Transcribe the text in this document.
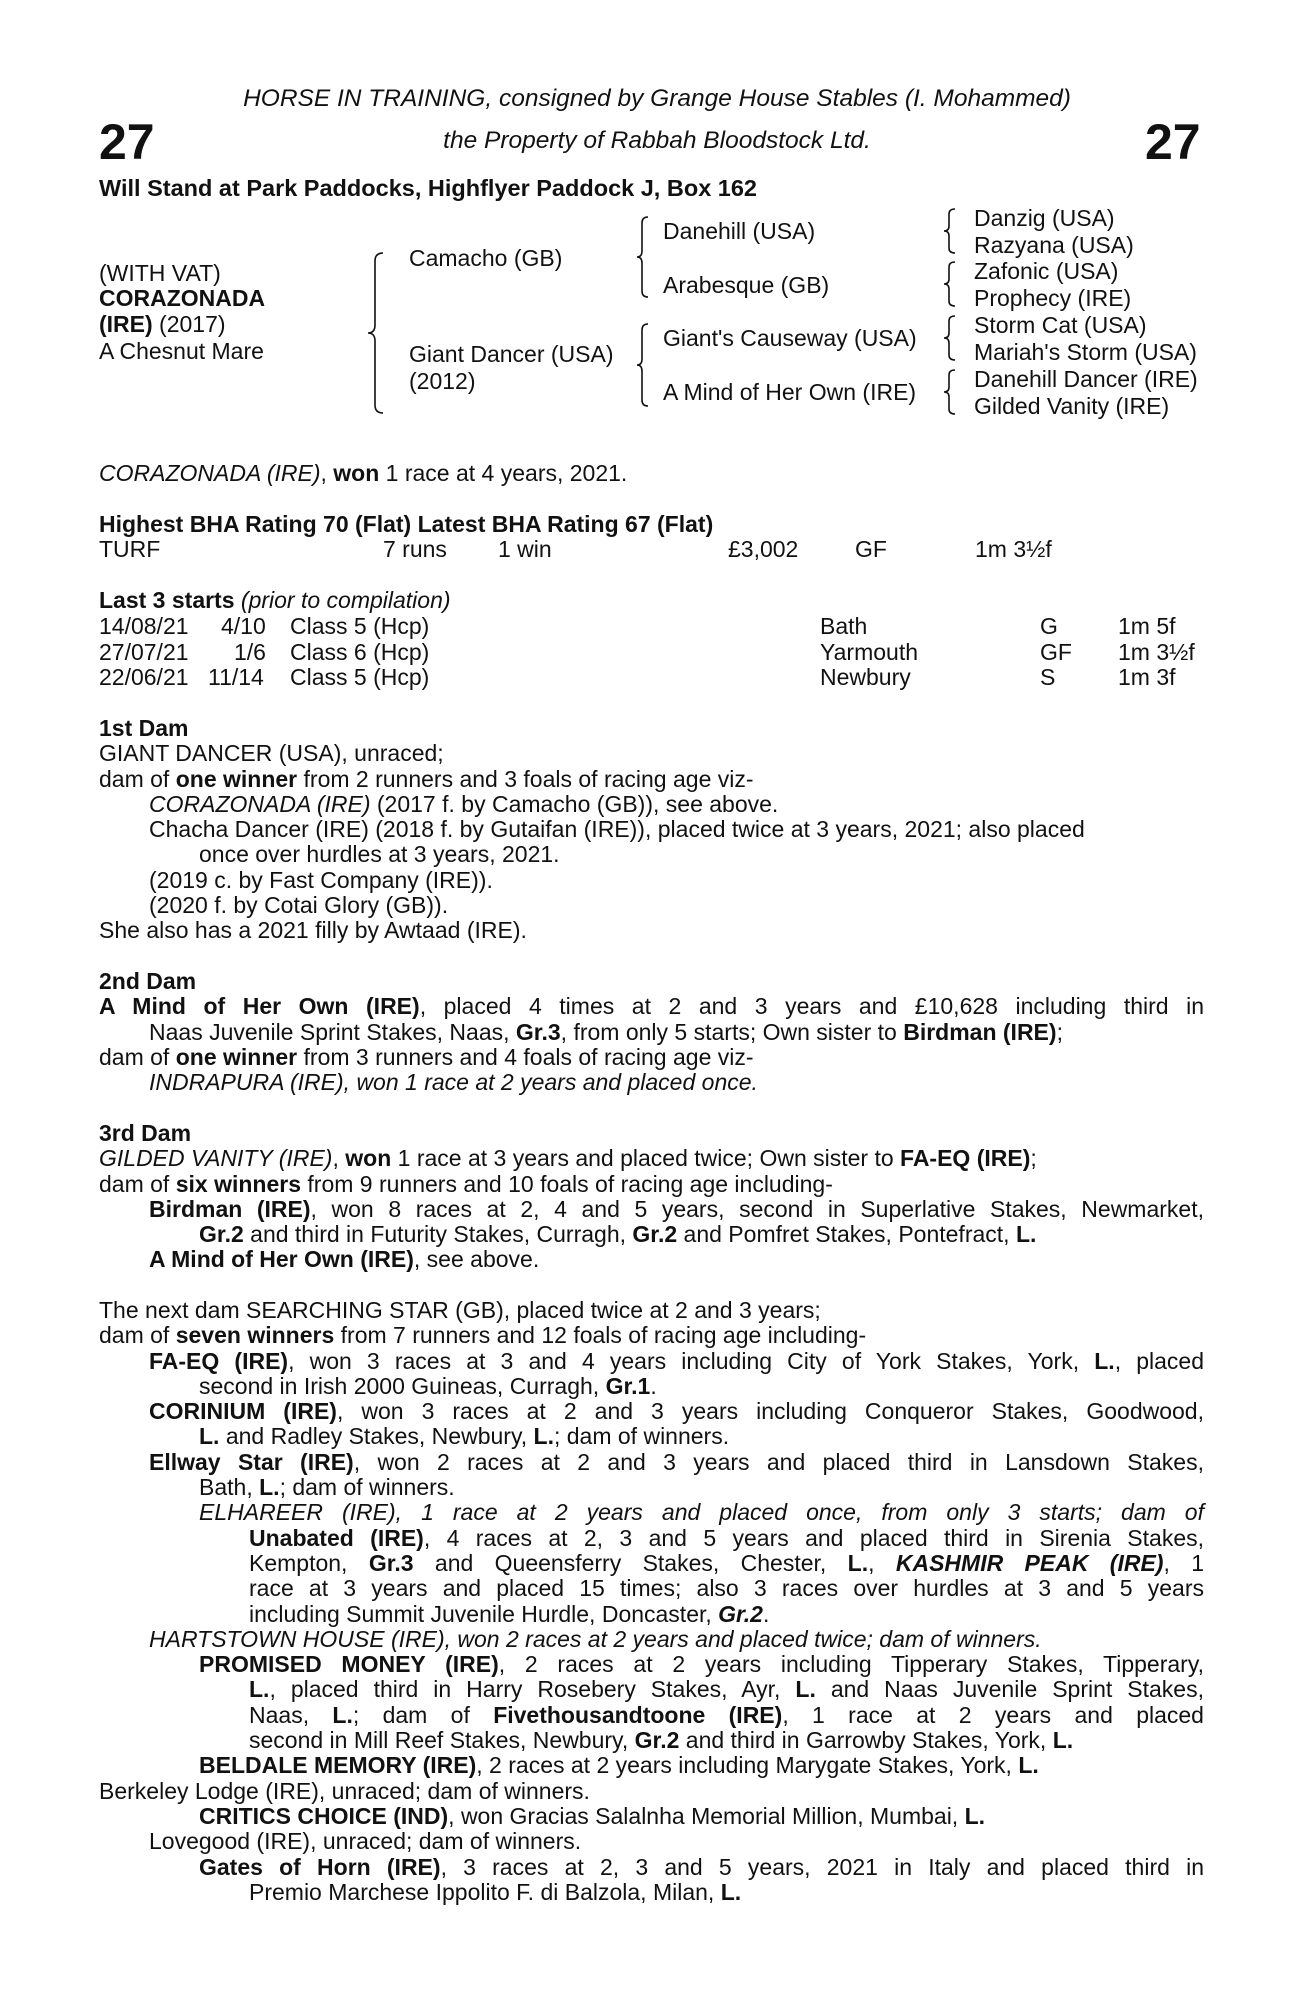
27	27
HORSE IN TRAINING, consigned by Grange House Stables (I. Mohammed)
the Property of Rabbah Bloodstock Ltd.
Will Stand at Park Paddocks, Highflyer Paddock J, Box 162
(WITH VAT)
CORAZONADA
(IRE) (2017)
A Chesnut Mare
Camacho (GB)
Giant Dancer (USA)
(2012)
Danehill (USA)
Arabesque (GB)
Giant's Causeway (USA)
A Mind of Her Own (IRE)
Danzig (USA)
Razyana (USA)
Zafonic (USA)
Prophecy (IRE)
Storm Cat (USA)
Mariah's Storm (USA)
Danehill Dancer (IRE)
Gilded Vanity (IRE)
CORAZONADA (IRE), won 1 race at 4 years, 2021.
Highest BHA Rating 70 (Flat) Latest BHA Rating 67 (Flat)
TURF	7 runs 1 win	£3,002 GF	1m 3½f
Last 3 starts (prior to compilation)
14/08/21 4/10 Class 5 (Hcp)	Bath	G	1m 5f
27/07/21 1/6 Class 6 (Hcp)	Yarmouth	GF 1m 3½f
22/06/21 11/14 Class 5 (Hcp)	Newbury	S	1m 3f
1st Dam
GIANT DANCER (USA), unraced;
dam of one winner from 2 runners and 3 foals of racing age viz-
CORAZONADA (IRE) (2017 f. by Camacho (GB)), see above.
Chacha Dancer (IRE) (2018 f. by Gutaifan (IRE)), placed twice at 3 years, 2021; also placed
once over hurdles at 3 years, 2021.
(2019 c. by Fast Company (IRE)).
(2020 f. by Cotai Glory (GB)).
She also has a 2021 filly by Awtaad (IRE).
2nd Dam
A Mind of Her Own (IRE), placed 4 times at 2 and 3 years and £10,628 including third in
Naas Juvenile Sprint Stakes, Naas, Gr.3, from only 5 starts; Own sister to Birdman (IRE);
dam of one winner from 3 runners and 4 foals of racing age viz-
INDRAPURA (IRE), won 1 race at 2 years and placed once.
3rd Dam
GILDED VANITY (IRE), won 1 race at 3 years and placed twice; Own sister to FA-EQ (IRE);
dam of six winners from 9 runners and 10 foals of racing age including-
Birdman (IRE), won 8 races at 2, 4 and 5 years, second in Superlative Stakes, Newmarket,
Gr.2 and third in Futurity Stakes, Curragh, Gr.2 and Pomfret Stakes, Pontefract, L.
A Mind of Her Own (IRE), see above.
The next dam SEARCHING STAR (GB), placed twice at 2 and 3 years;
dam of seven winners from 7 runners and 12 foals of racing age including-
FA-EQ (IRE), won 3 races at 3 and 4 years including City of York Stakes, York, L., placed
second in Irish 2000 Guineas, Curragh, Gr.1.
CORINIUM (IRE), won 3 races at 2 and 3 years including Conqueror Stakes, Goodwood,
L. and Radley Stakes, Newbury, L.; dam of winners.
Ellway Star (IRE), won 2 races at 2 and 3 years and placed third in Lansdown Stakes,
Bath, L.; dam of winners.
ELHAREER (IRE), 1 race at 2 years and placed once, from only 3 starts; dam of
Unabated (IRE), 4 races at 2, 3 and 5 years and placed third in Sirenia Stakes,
Kempton, Gr.3 and Queensferry Stakes, Chester, L., KASHMIR PEAK (IRE), 1
race at 3 years and placed 15 times; also 3 races over hurdles at 3 and 5 years
including Summit Juvenile Hurdle, Doncaster, Gr.2.
HARTSTOWN HOUSE (IRE), won 2 races at 2 years and placed twice; dam of winners.
PROMISED MONEY (IRE), 2 races at 2 years including Tipperary Stakes, Tipperary,
L., placed third in Harry Rosebery Stakes, Ayr, L. and Naas Juvenile Sprint Stakes,
Naas, L.; dam of Fivethousandtoone (IRE), 1 race at 2 years and placed
second in Mill Reef Stakes, Newbury, Gr.2 and third in Garrowby Stakes, York, L.
BELDALE MEMORY (IRE), 2 races at 2 years including Marygate Stakes, York, L.
Berkeley Lodge (IRE), unraced; dam of winners.
CRITICS CHOICE (IND), won Gracias Salalnha Memorial Million, Mumbai, L.
Lovegood (IRE), unraced; dam of winners.
Gates of Horn (IRE), 3 races at 2, 3 and 5 years, 2021 in Italy and placed third in
Premio Marchese Ippolito F. di Balzola, Milan, L.
